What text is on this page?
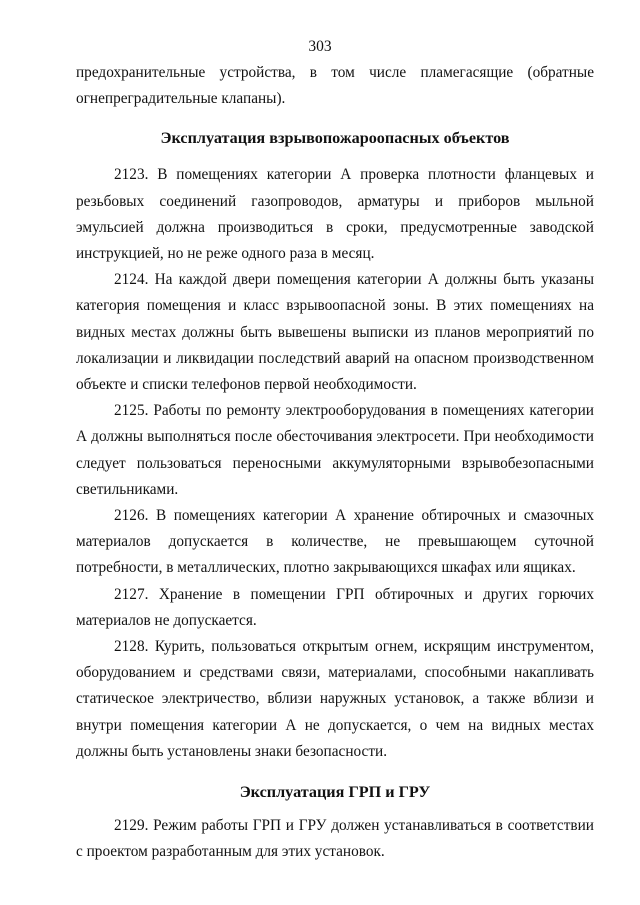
303

предохранительные устройства, в том числе пламегасящие (обратные огнепреградительные клапаны).

Эксплуатация взрывопожароопасных объектов

2123. В помещениях категории А проверка плотности фланцевых и резьбовых соединений газопроводов, арматуры и приборов мыльной эмульсией должна производиться в сроки, предусмотренные заводской инструкцией, но не реже одного раза в месяц.

2124. На каждой двери помещения категории А должны быть указаны категория помещения и класс взрывоопасной зоны. В этих помещениях на видных местах должны быть вывешены выписки из планов мероприятий по локализации и ликвидации последствий аварий на опасном производственном объекте и списки телефонов первой необходимости.

2125. Работы по ремонту электрооборудования в помещениях категории А должны выполняться после обесточивания электросети. При необходимости следует пользоваться переносными аккумуляторными взрывобезопасными светильниками.

2126. В помещениях категории А хранение обтирочных и смазочных материалов допускается в количестве, не превышающем суточной потребности, в металлических, плотно закрывающихся шкафах или ящиках.

2127. Хранение в помещении ГРП обтирочных и других горючих материалов не допускается.

2128. Курить, пользоваться открытым огнем, искрящим инструментом, оборудованием и средствами связи, материалами, способными накапливать статическое электричество, вблизи наружных установок, а также вблизи и внутри помещения категории А не допускается, о чем на видных местах должны быть установлены знаки безопасности.

Эксплуатация ГРП и ГРУ

2129. Режим работы ГРП и ГРУ должен устанавливаться в соответствии с проектом разработанным для этих установок.
